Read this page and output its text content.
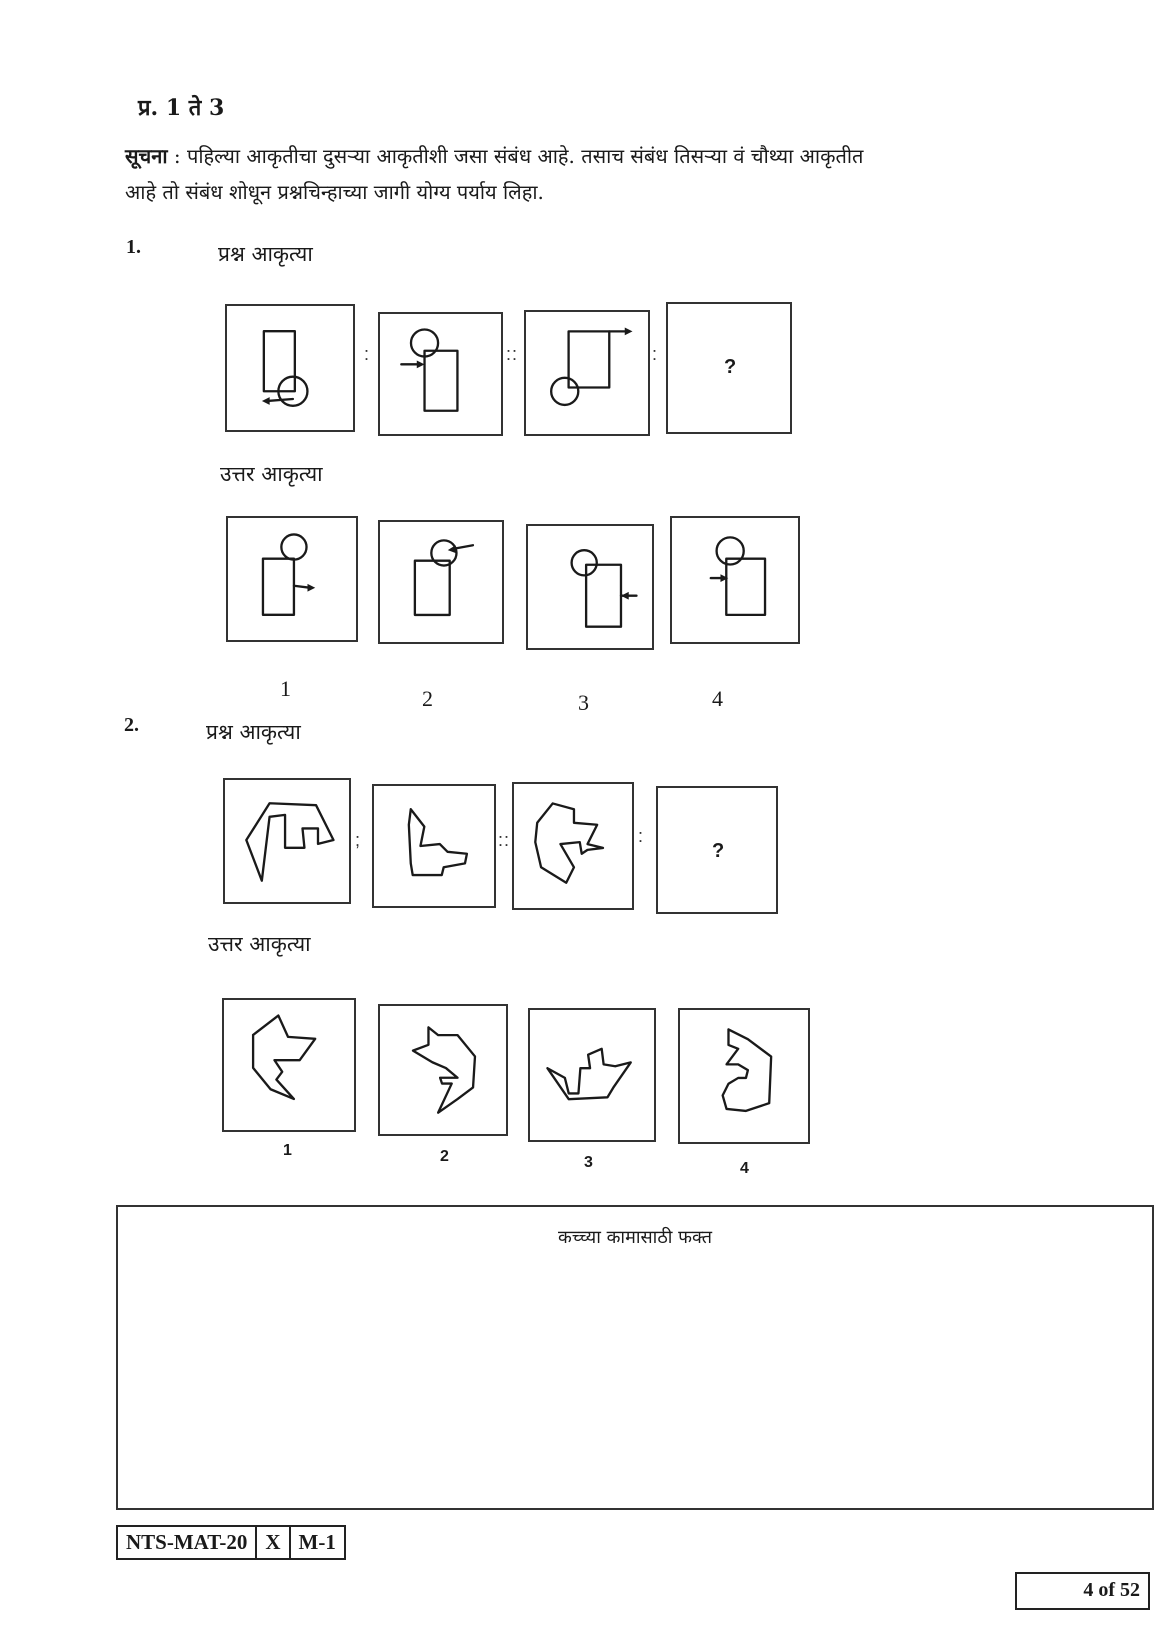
प्र. 1 ते 3
सूचना : पहिल्या आकृतीचा दुसऱ्या आकृतीशी जसा संबंध आहे. तसाच संबंध तिसऱ्या वं चौथ्या आकृतीत
आहे तो संबंध शोधून प्रश्नचिन्हाच्या जागी योग्य पर्याय लिहा.
1.	प्रश्न आकृत्या
:	::	:
?
उत्तर आकृत्या
1	2	3	4
2.	प्रश्न आकृत्या
;	::	:
?
उत्तर आकृत्या
1	2	3	4
कच्च्या कामासाठी फक्त
NTS-MAT-20 X M-1
4 of 52
